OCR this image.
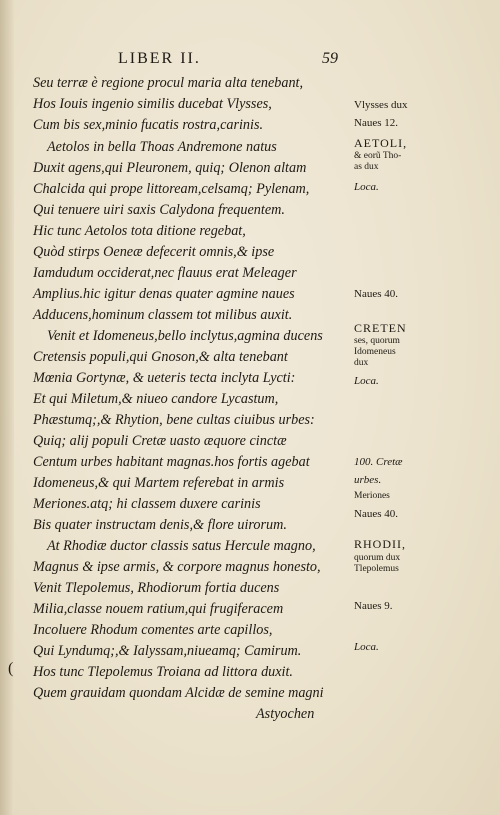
LIBER II.	59
Seu terræ è regione procul maria alta tenebant,
Hos Iouis ingenio similis ducebat Vlysses,
Cum bis sex,minio fucatis rostra,carinis.
Aetolos in bella Thoas Andremone natus
Duxit agens,qui Pleuronem, quiq; Olenon altam
Chalcida qui prope littoream,celsamq; Pylenam,
Qui tenuere uiri saxis Calydona frequentem.
Hic tunc Aetolos tota ditione regebat,
Quòd stirps Oeneæ defecerit omnis,& ipse
Iamdudum occiderat,nec flauus erat Meleager
Amplius.hic igitur denas quater agmine naues
Adducens,hominum classem tot milibus auxit.
Venit et Idomeneus,bello inclytus,agmina ducens
Cretensis populi,qui Gnoson,& alta tenebant
Mœnia Gortynæ, & ueteris tecta inclyta Lycti:
Et qui Miletum,& niueo candore Lycastum,
Phæstumq;,& Rhytion, bene cultas ciuibus urbes:
Quiq; alij populi Cretæ uasto æquore cinctæ
Centum urbes habitant magnas.hos fortis agebat
Idomeneus,& qui Martem referebat in armis
Meriones.atq; hi classem duxere carinis
Bis quater instructam denis,& flore uirorum.
At Rhodiæ ductor classis satus Hercule magno,
Magnus & ipse armis, & corpore magnus honesto,
Venit Tlepolemus, Rhodiorum fortia ducens
Milia,classe nouem ratium,qui frugiferacem
Incoluere Rhodum comentes arte capillos,
Qui Lyndumq;,& Ialyssam,niueamq; Camirum.
Hos tunc Tlepolemus Troiana ad littora duxit.
Quem grauidam quondam Alcidæ de semine magni
Astyochen
Vlysses dux
Naues 12.
AETOLI,
& eorũ Tho-
as dux
Loca.
Naues 40.
CRETEN
ses, quorum
Idomeneus
dux
Loca.
100. Cretæ
urbes.
Meriones
Naues 40.
RHODII,
quorum dux
Tlepolemus
Naues 9.
Loca.
(
